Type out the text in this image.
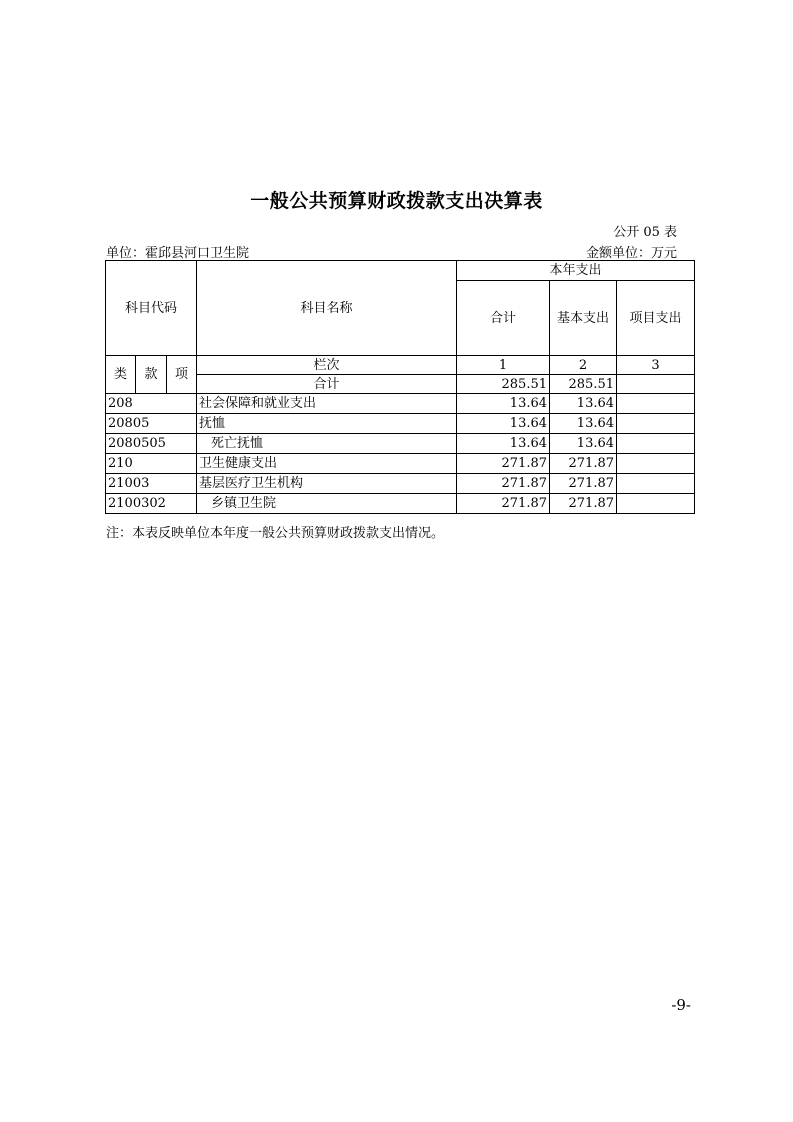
一般公共预算财政拨款支出决算表
公开 05 表
单位：霍邱县河口卫生院	金额单位：万元
科目代码			科目名称	本年支出		
				合计	基本支出	项目支出
类	款	项	栏次	1	2	3
			合计	285.51	285.51	
208			社会保障和就业支出	13.64	13.64	
20805			抚恤	13.64	13.64	
2080505			死亡抚恤	13.64	13.64	
210			卫生健康支出	271.87	271.87	
21003			基层医疗卫生机构	271.87	271.87	
2100302			乡镇卫生院	271.87	271.87	
注：本表反映单位本年度一般公共预算财政拨款支出情况。
-9-
